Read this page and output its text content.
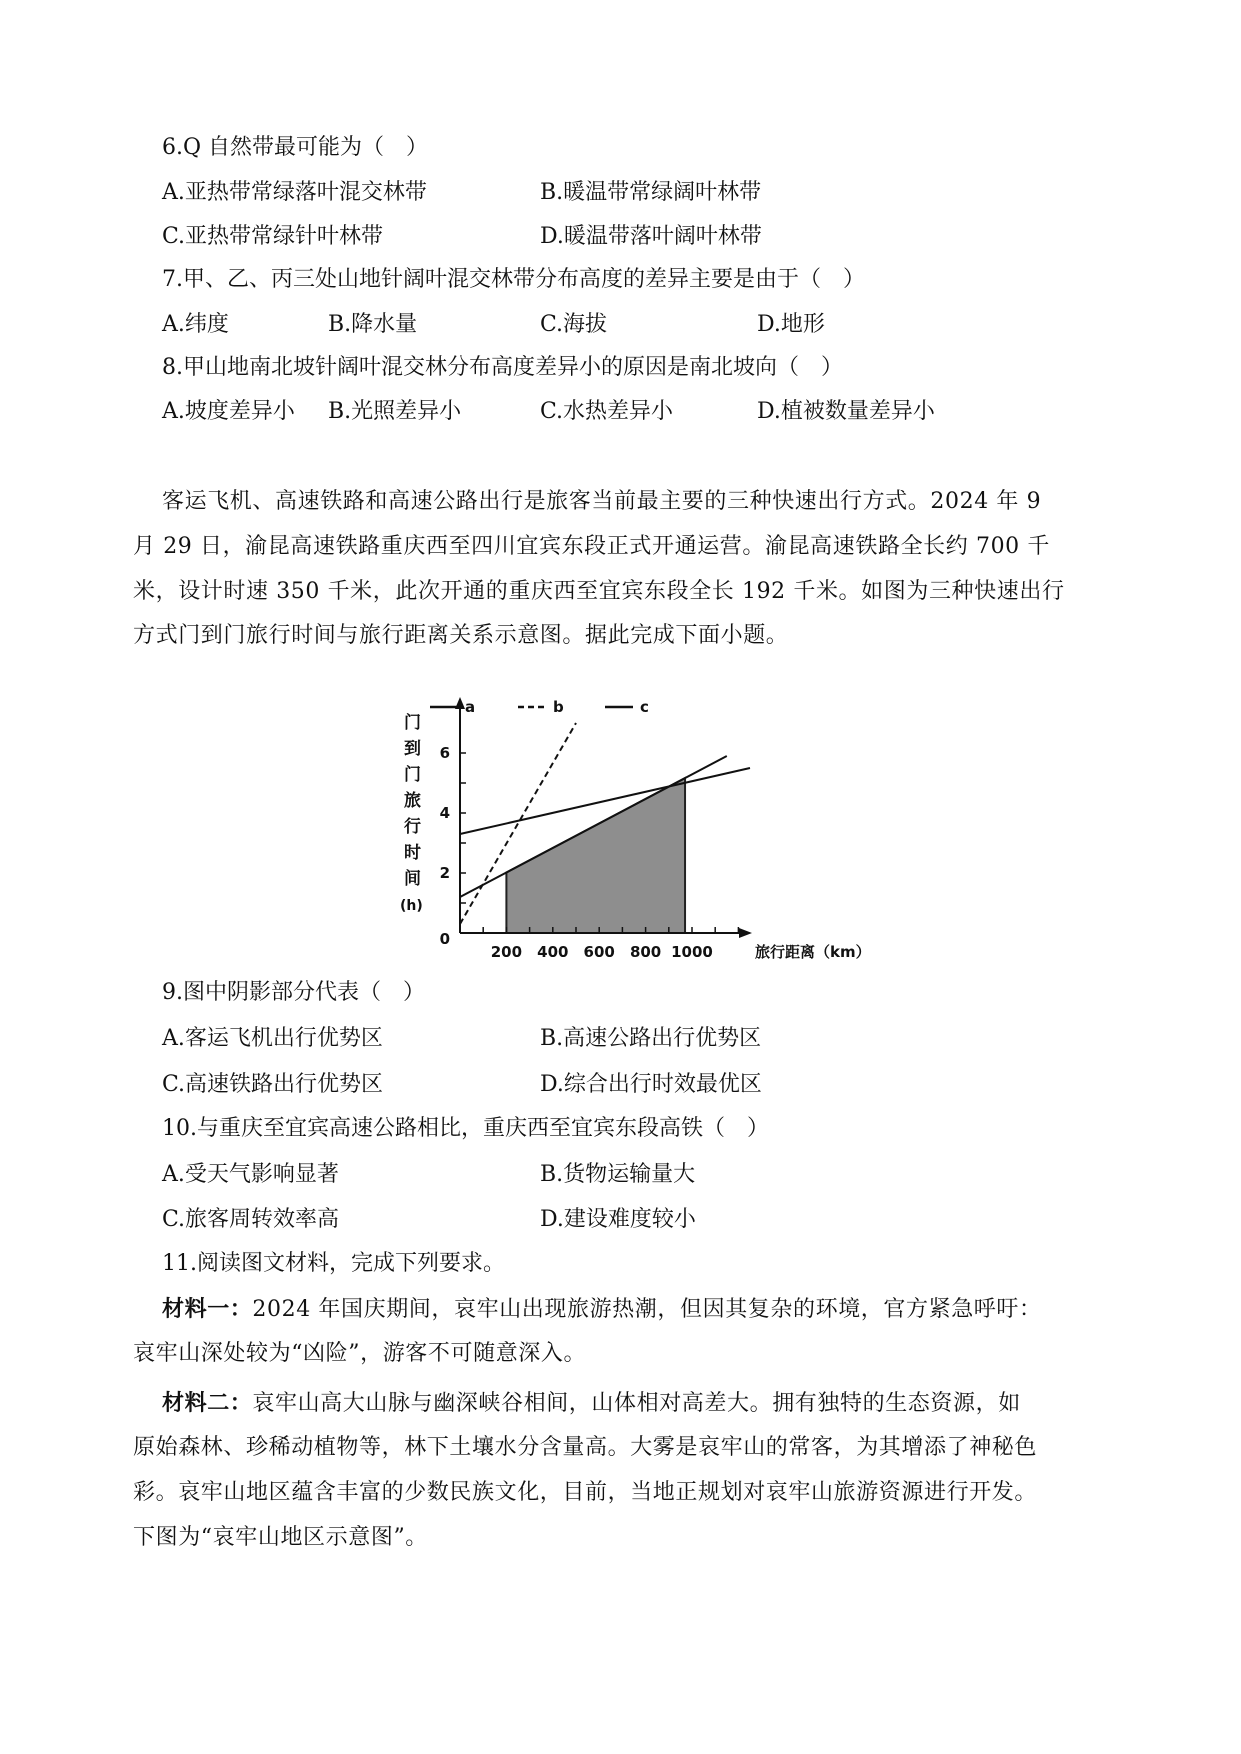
6.Q 自然带最可能为（　）
A.亚热带常绿落叶混交林带	B.暖温带常绿阔叶林带
C.亚热带常绿针叶林带	D.暖温带落叶阔叶林带
7.甲、乙、丙三处山地针阔叶混交林带分布高度的差异主要是由于（　）
A.纬度	B.降水量	C.海拔	D.地形
8.甲山地南北坡针阔叶混交林分布高度差异小的原因是南北坡向（　）
A.坡度差异小 B.光照差异小	C.水热差异小	D.植被数量差异小
客运飞机、高速铁路和高速公路出行是旅客当前最主要的三种快速出行方式。2024 年 9
月 29 日，渝昆高速铁路重庆西至四川宜宾东段正式开通运营。渝昆高速铁路全长约 700 千
米，设计时速 350 千米，此次开通的重庆西至宜宾东段全长 192 千米。如图为三种快速出行
方式门到门旅行时间与旅行距离关系示意图。据此完成下面小题。
200 400 600 800 1000	旅行距离（km）
0
2
4
6
门
到
门
旅
行
时
间
(h)
a	b	c
9.图中阴影部分代表（　）
A.客运飞机出行优势区	B.高速公路出行优势区
C.高速铁路出行优势区	D.综合出行时效最优区
10.与重庆至宜宾高速公路相比，重庆西至宜宾东段高铁（　）
A.受天气影响显著	B.货物运输量大
C.旅客周转效率高	D.建设难度较小
11.阅读图文材料，完成下列要求。
材料一：2024 年国庆期间，哀牢山出现旅游热潮，但因其复杂的环境，官方紧急呼吁：
哀牢山深处较为“凶险”，游客不可随意深入。
材料二：哀牢山高大山脉与幽深峡谷相间，山体相对高差大。拥有独特的生态资源，如
原始森林、珍稀动植物等，林下土壤水分含量高。大雾是哀牢山的常客，为其增添了神秘色
彩。哀牢山地区蕴含丰富的少数民族文化，目前，当地正规划对哀牢山旅游资源进行开发。
下图为“哀牢山地区示意图”。
